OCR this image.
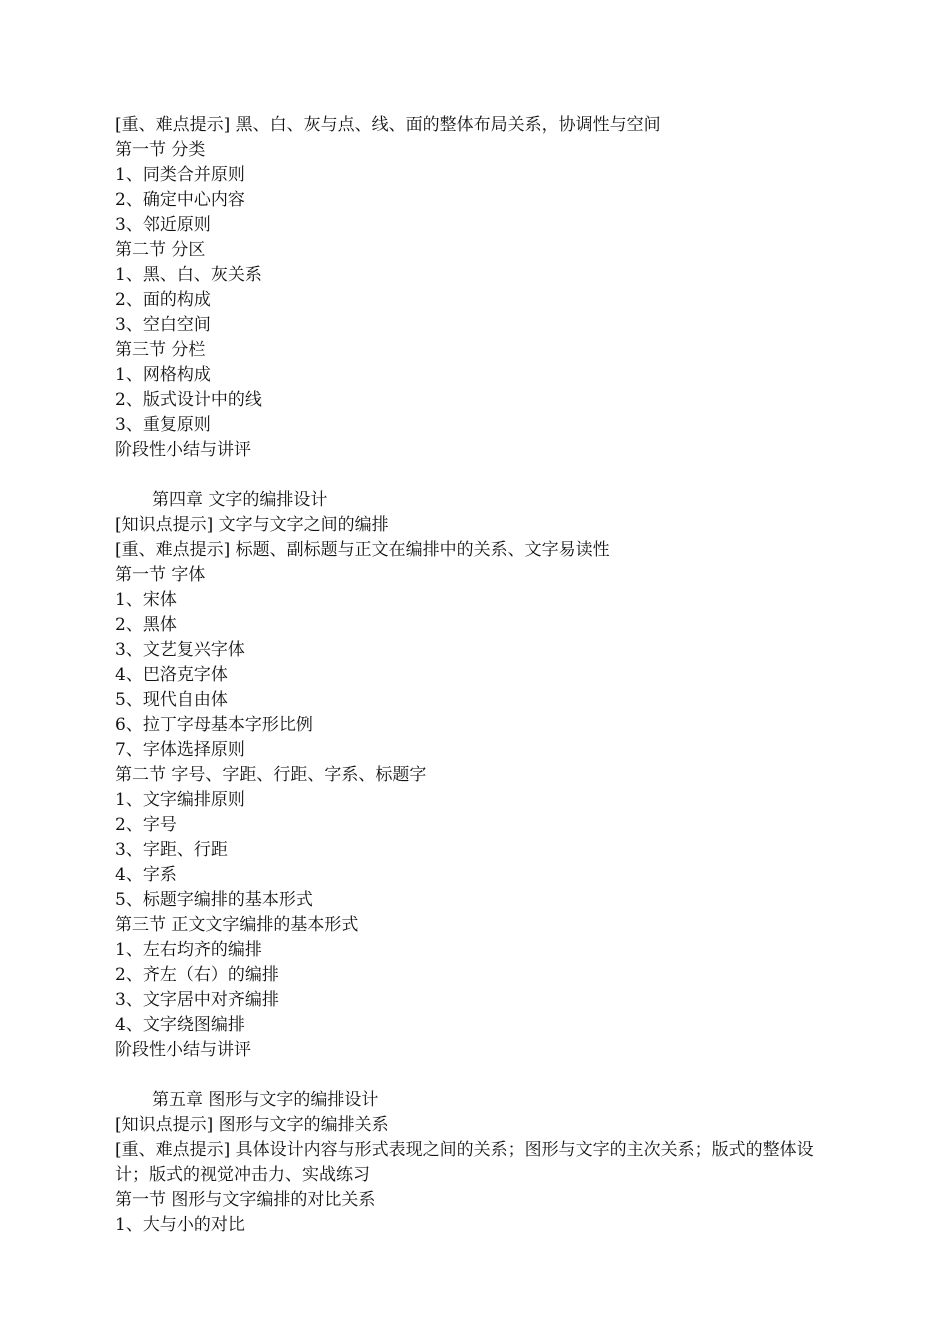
[重、难点提示] 黑、白、灰与点、线、面的整体布局关系，协调性与空间
第一节 分类
1、同类合并原则
2、确定中心内容
3、邻近原则
第二节 分区
1、黑、白、灰关系
2、面的构成
3、空白空间
第三节 分栏
1、网格构成
2、版式设计中的线
3、重复原则
阶段性小结与讲评
第四章 文字的编排设计
[知识点提示] 文字与文字之间的编排
[重、难点提示] 标题、副标题与正文在编排中的关系、文字易读性
第一节 字体
1、宋体
2、黑体
3、文艺复兴字体
4、巴洛克字体
5、现代自由体
6、拉丁字母基本字形比例
7、字体选择原则
第二节 字号、字距、行距、字系、标题字
1、文字编排原则
2、字号
3、字距、行距
4、字系
5、标题字编排的基本形式
第三节 正文文字编排的基本形式
1、左右均齐的编排
2、齐左（右）的编排
3、文字居中对齐编排
4、文字绕图编排
阶段性小结与讲评
第五章 图形与文字的编排设计
[知识点提示] 图形与文字的编排关系
[重、难点提示] 具体设计内容与形式表现之间的关系；图形与文字的主次关系；版式的整体设计；版式的视觉冲击力、实战练习
第一节 图形与文字编排的对比关系
1、大与小的对比
